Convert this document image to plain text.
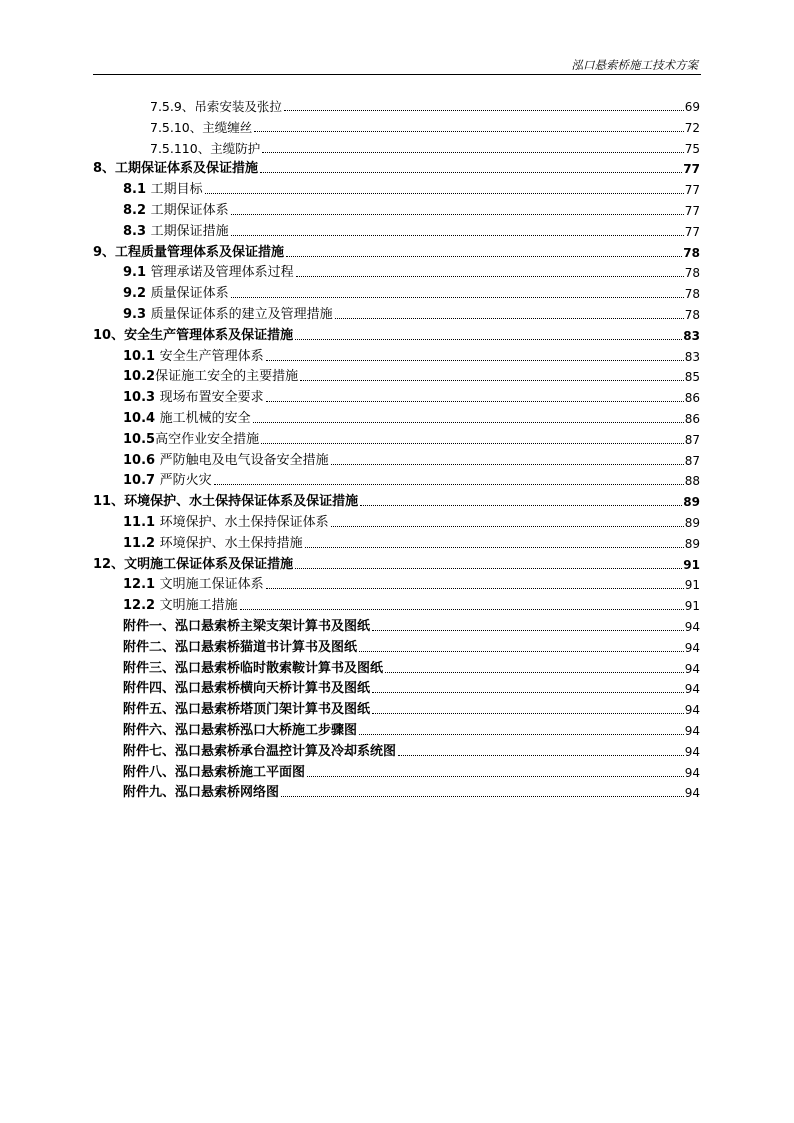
泓口悬索桥施工技术方案
7.5.9、吊索安装及张拉	69
7.5.10、主缆缠丝	72
7.5.110、主缆防护	75
8、工期保证体系及保证措施	77
8.1 工期目标	77
8.2 工期保证体系	77
8.3 工期保证措施	77
9、工程质量管理体系及保证措施	78
9.1 管理承诺及管理体系过程	78
9.2 质量保证体系	78
9.3 质量保证体系的建立及管理措施	78
10、安全生产管理体系及保证措施	83
10.1 安全生产管理体系	83
10.2保证施工安全的主要措施	85
10.3 现场布置安全要求	86
10.4 施工机械的安全	86
10.5高空作业安全措施	87
10.6 严防触电及电气设备安全措施	87
10.7 严防火灾	88
11、环境保护、水土保持保证体系及保证措施	89
11.1 环境保护、水土保持保证体系	89
11.2 环境保护、水土保持措施	89
12、文明施工保证体系及保证措施	91
12.1 文明施工保证体系	91
12.2 文明施工措施	91
附件一、泓口悬索桥主梁支架计算书及图纸	94
附件二、泓口悬索桥猫道书计算书及图纸	94
附件三、泓口悬索桥临时散索鞍计算书及图纸	94
附件四、泓口悬索桥横向天桥计算书及图纸	94
附件五、泓口悬索桥塔顶门架计算书及图纸	94
附件六、泓口悬索桥泓口大桥施工步骤图	94
附件七、泓口悬索桥承台温控计算及冷却系统图	94
附件八、泓口悬索桥施工平面图	94
附件九、泓口悬索桥网络图	94
